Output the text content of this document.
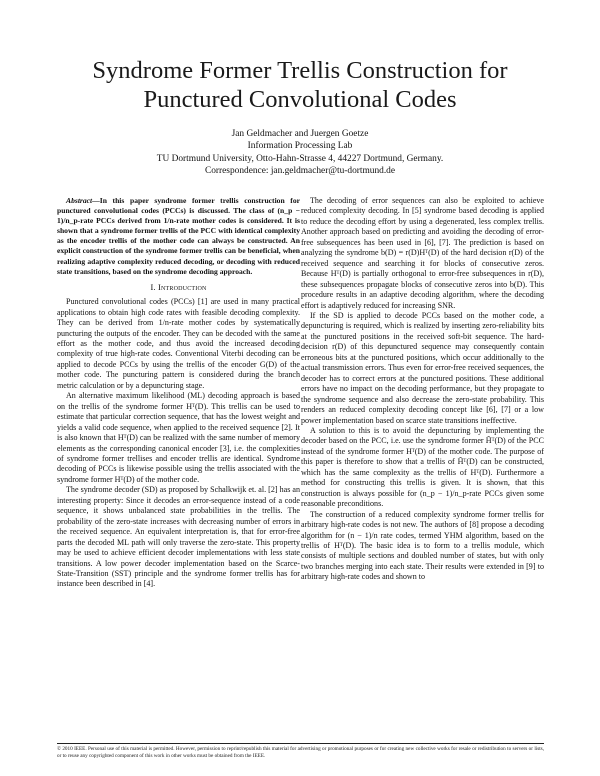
Syndrome Former Trellis Construction for
Punctured Convolutional Codes
Jan Geldmacher and Juergen Goetze
Information Processing Lab
TU Dortmund University, Otto-Hahn-Strasse 4, 44227 Dortmund, Germany.
Correspondence: jan.geldmacher@tu-dortmund.de

Abstract—In this paper syndrome former trellis construction for punctured convolutional codes (PCCs) is discussed. The class of (n_p − 1)/n_p-rate PCCs derived from 1/n-rate mother codes is considered. It is shown that a syndrome former trellis of the PCC with identical complexity as the encoder trellis of the mother code can always be constructed. An explicit construction of the syndrome former trellis can be beneficial, when realizing adaptive complexity reduced decoding, or decoding with reduced state transitions, based on the syndrome decoding approach.

I. Introduction

Punctured convolutional codes (PCCs) [1] are used in many practical applications to obtain high code rates with feasible decoding complexity. They can be derived from 1/n-rate mother codes by systematically puncturing the outputs of the encoder. They can be decoded with the same effort as the mother code, and thus avoid the increased decoding complexity of true high-rate codes. Conventional Viterbi decoding can be applied to decode PCCs by using the trellis of the encoder G(D) of the mother code. The puncturing pattern is considered during the branch metric calculation or by a depuncturing stage.

An alternative maximum likelihood (ML) decoding approach is based on the trellis of the syndrome former Hᵀ(D). This trellis can be used to estimate that particular correction sequence, that has the lowest weight and yields a valid code sequence, when applied to the received sequence [2]. It is also known that Hᵀ(D) can be realized with the same number of memory elements as the corresponding canonical encoder [3], i.e. the complexities of syndrome former trellises and encoder trellis are identical. Syndrome decoding of PCCs is likewise possible using the trellis associated with the syndrome former Hᵀ(D) of the mother code.

The syndrome decoder (SD) as proposed by Schalkwijk et. al. [2] has an interesting property: Since it decodes an error-sequence instead of a code sequence, it shows unbalanced state probabilities in the trellis. The probability of the zero-state increases with decreasing number of errors in the received sequence. An equivalent interpretation is, that for error-free parts the decoded ML path will only traverse the zero-state. This property may be used to achieve efficient decoder implementations with less state transitions. A low power decoder implementation based on the Scarce-State-Transition (SST) principle and the syndrome former trellis has for instance been described in [4].

The decoding of error sequences can also be exploited to achieve reduced complexity decoding. In [5] syndrome based decoding is applied to reduce the decoding effort by using a degenerated, less complex trellis. Another approach based on predicting and avoiding the decoding of error-free subsequences has been used in [6], [7]. The prediction is based on analyzing the syndrome b(D) = r(D)Hᵀ(D) of the hard decision r(D) of the received sequence and searching it for blocks of consecutive zeros. Because Hᵀ(D) is partially orthogonal to error-free subsequences in r(D), these subsequences propagate blocks of consecutive zeros into b(D). This procedure results in an adaptive decoding algorithm, where the decoding effort is adaptively reduced for increasing SNR.

If the SD is applied to decode PCCs based on the mother code, a depuncturing is required, which is realized by inserting zero-reliability bits at the punctured positions in the received soft-bit sequence. The hard-decision r(D) of this depunctured sequence may consequently contain erroneous bits at the punctured positions, which occur additionally to the actual transmission errors. Thus even for error-free received sequences, the decoder has to correct errors at the punctured positions. These additional errors have no impact on the decoding performance, but they propagate to the syndrome sequence and also decrease the zero-state probability. This renders an reduced complexity decoding concept like [6], [7] or a low power implementation based on scarce state transitions ineffective.

A solution to this is to avoid the depuncturing by implementing the decoder based on the PCC, i.e. use the syndrome former H̃ᵀ(D) of the PCC instead of the syndrome former Hᵀ(D) of the mother code. The purpose of this paper is therefore to show that a trellis of H̃ᵀ(D) can be constructed, which has the same complexity as the trellis of Hᵀ(D). Furthermore a method for constructing this trellis is given. It is shown, that this construction is always possible for (n_p − 1)/n_p-rate PCCs given some reasonable preconditions.

The construction of a reduced complexity syndrome former trellis for arbitrary high-rate codes is not new. The authors of [8] propose a decoding algorithm for (n − 1)/n rate codes, termed YHM algorithm, based on the trellis of Hᵀ(D). The basic idea is to form to a trellis module, which consists of multiple sections and doubled number of states, but with only two branches merging into each state. Their results were extended in [9] to arbitrary high-rate codes and shown to

© 2010 IEEE. Personal use of this material is permitted. However, permission to reprint/republish this material for advertising or promotional purposes or for creating new collective works for resale or redistribution to servers or lists, or to reuse any copyrighted component of this work in other works must be obtained from the IEEE.
